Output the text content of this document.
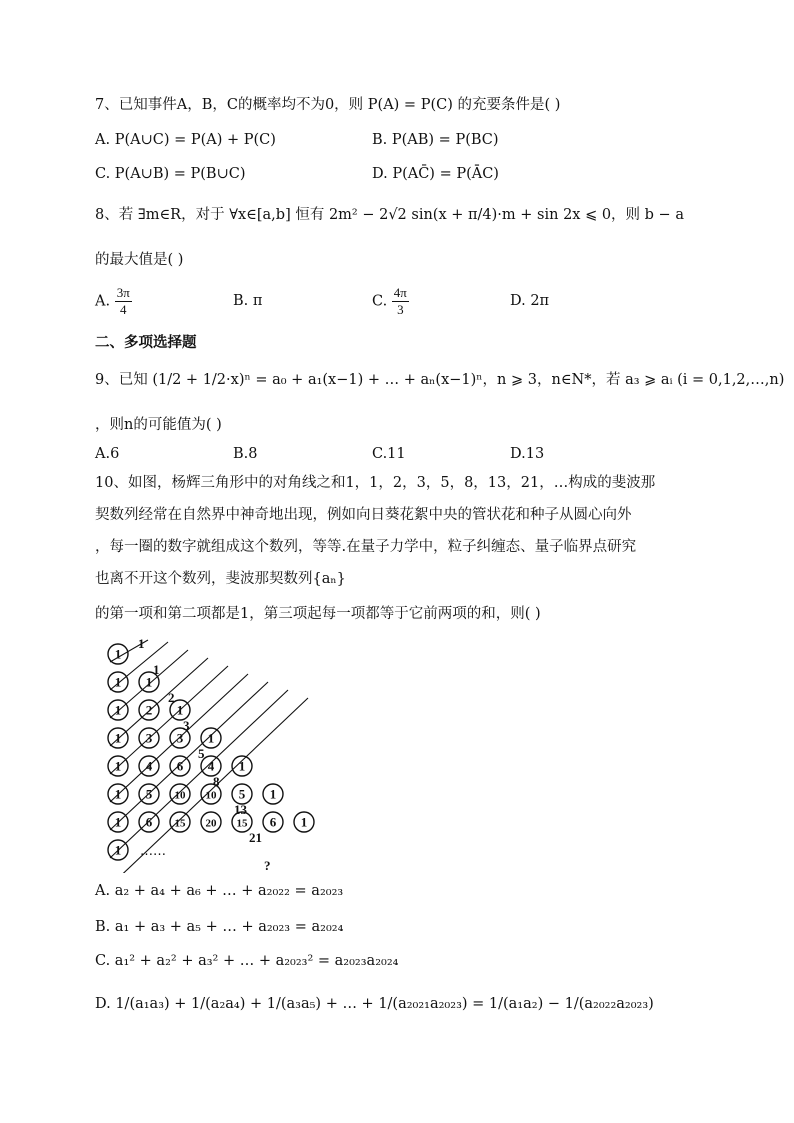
7、已知事件A，B，C的概率均不为0，则 P(A) = P(C) 的充要条件是( )
A. P(A∪C) = P(A) + P(C)	B. P(AB) = P(BC)
C. P(A∪B) = P(B∪C)	D. P(AC̄) = P(ĀC)
8、若 ∃m∈R，对于 ∀x∈[a,b] 恒有 2m² − 2√2 sin(x + π/4)·m + sin 2x ⩽ 0，则 b − a
的最大值是( )
A. $\frac{3\pi}{4}$	B. π	C. $\frac{4\pi}{3}$	D. 2π
二、多项选择题
9、已知 (1/2 + 1/2·x)ⁿ = a₀ + a₁(x−1) + … + aₙ(x−1)ⁿ，n ⩾ 3，n∈N*，若 a₃ ⩾ aᵢ (i = 0,1,2,…,n)
，则n的可能值为( )
A.6	B.8	C.11	D.13
10、如图，杨辉三角形中的对角线之和1，1，2，3，5，8，13，21，…构成的斐波那
契数列经常在自然界中神奇地出现，例如向日葵花絮中央的管状花和种子从圆心向外
，每一圈的数字就组成这个数列，等等.在量子力学中，粒子纠缠态、量子临界点研究
也离不开这个数列，斐波那契数列{aₙ}
的第一项和第二项都是1，第三项起每一项都等于它前两项的和，则( )
1
1 1
1 2 1
1 3 3 1
1 4 6 4 1
1 5 10 10 5 1
1 6 15 20 15 6 1
1
1
1
2
3
5
8
13
21
?
……
A. a₂ + a₄ + a₆ + … + a₂₀₂₂ = a₂₀₂₃
B. a₁ + a₃ + a₅ + … + a₂₀₂₃ = a₂₀₂₄
C. a₁² + a₂² + a₃² + … + a₂₀₂₃² = a₂₀₂₃a₂₀₂₄
D. 1/(a₁a₃) + 1/(a₂a₄) + 1/(a₃a₅) + … + 1/(a₂₀₂₁a₂₀₂₃) = 1/(a₁a₂) − 1/(a₂₀₂₂a₂₀₂₃)
